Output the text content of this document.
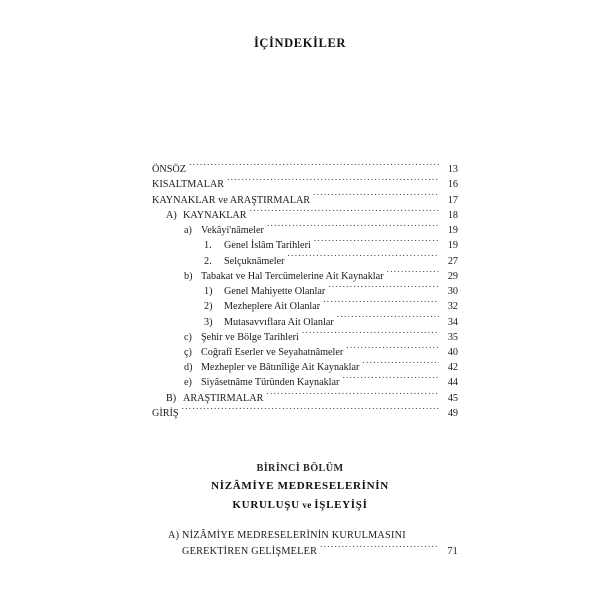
İÇİNDEKİLER
ÖNSÖZ .....	13
KISALTMALAR .....	16
KAYNAKLAR ve ARAŞTIRMALAR .....	17
A) KAYNAKLAR .....	18
a) Vekâyi'nâmeler .....	19
1.	Genel İslâm Tarihleri .....	19
2.	Selçuknâmeler .....	27
b) Tabakat ve Hal Tercümelerine Ait Kaynaklar .....	29
1)	Genel Mahiyette Olanlar .....	30
2)	Mezheplere Ait Olanlar .....	32
3)	Mutasavvıflara Ait Olanlar .....	34
c) Şehir ve Bölge Tarihleri .....	35
ç) Coğrafî Eserler ve Seyahatnâmeler .....	40
d) Mezhepler ve Bâtınîliğe Ait Kaynaklar .....	42
e) Siyâsetnâme Türünden Kaynaklar .....	44
B) ARAŞTIRMALAR .....	45
GİRİŞ .....	49
BİRİNCİ BÖLÜM
NİZÂMİYE MEDRESELERİNİN
KURULUŞU ve İŞLEYİŞİ
A) NİZÂMİYE MEDRESELERİNİN KURULMASINI
GEREKTİREN GELİŞMELER .....	71
